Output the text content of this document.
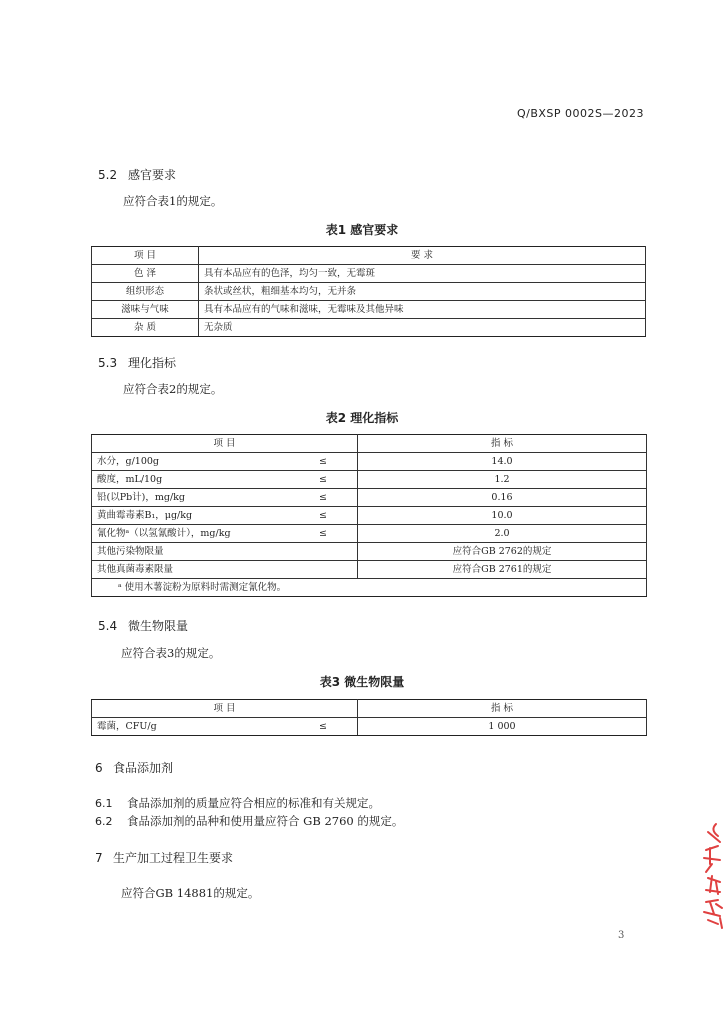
Q/BXSP 0002S—2023
5.2 感官要求
应符合表1的规定。
表1 感官要求
项 目	要 求
色 泽	具有本品应有的色泽，均匀一致，无霉斑
组织形态	条状或丝状，粗细基本均匀，无并条
滋味与气味	具有本品应有的气味和滋味，无霉味及其他异味
杂 质	无杂质
5.3 理化指标
应符合表2的规定。
表2 理化指标
项 目		指 标
水分，g/100g	≤	14.0
酸度，mL/10g	≤	1.2
铅(以Pb计)，mg/kg	≤	0.16
黄曲霉毒素B₁，μg/kg	≤	10.0
氰化物ᵃ（以氢氰酸计），mg/kg	≤	2.0
其他污染物限量		应符合GB 2762的规定
其他真菌毒素限量		应符合GB 2761的规定
ᵃ 使用木薯淀粉为原料时需测定氰化物。		
5.4 微生物限量
应符合表3的规定。
表3 微生物限量
项 目		指 标
霉菌，CFU/g	≤	1 000
6 食品添加剂
6.1 食品添加剂的质量应符合相应的标准和有关规定。
6.2 食品添加剂的品种和使用量应符合 GB 2760 的规定。
7 生产加工过程卫生要求
应符合GB 14881的规定。
3
